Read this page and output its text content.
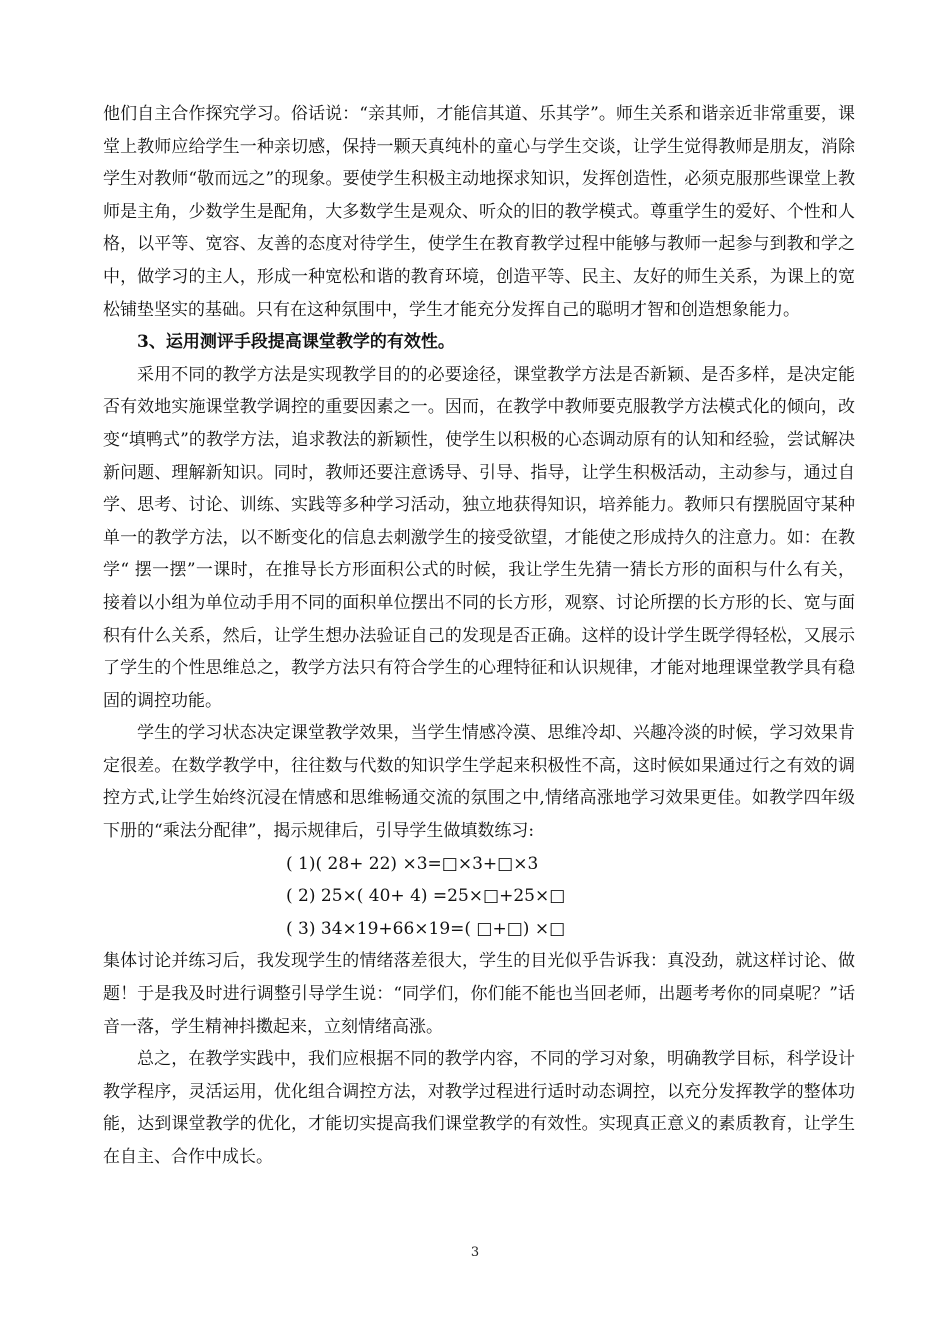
他们自主合作探究学习。俗话说：“亲其师，才能信其道、乐其学”。师生关系和谐亲近非常重要，课堂上教师应给学生一种亲切感，保持一颗天真纯朴的童心与学生交谈，让学生觉得教师是朋友，消除学生对教师“敬而远之”的现象。要使学生积极主动地探求知识，发挥创造性，必须克服那些课堂上教师是主角，少数学生是配角，大多数学生是观众、听众的旧的教学模式。尊重学生的爱好、个性和人格，以平等、宽容、友善的态度对待学生，使学生在教育教学过程中能够与教师一起参与到教和学之中，做学习的主人，形成一种宽松和谐的教育环境，创造平等、民主、友好的师生关系，为课上的宽松铺垫坚实的基础。只有在这种氛围中，学生才能充分发挥自己的聪明才智和创造想象能力。

3、运用测评手段提高课堂教学的有效性。

采用不同的教学方法是实现教学目的的必要途径，课堂教学方法是否新颖、是否多样，是决定能否有效地实施课堂教学调控的重要因素之一。因而，在教学中教师要克服教学方法模式化的倾向，改变“填鸭式”的教学方法，追求教法的新颖性，使学生以积极的心态调动原有的认知和经验，尝试解决新问题、理解新知识。同时，教师还要注意诱导、引导、指导，让学生积极活动，主动参与，通过自学、思考、讨论、训练、实践等多种学习活动，独立地获得知识，培养能力。教师只有摆脱固守某种单一的教学方法，以不断变化的信息去刺激学生的接受欲望，才能使之形成持久的注意力。如：在教学“ 摆一摆”一课时，在推导长方形面积公式的时候，我让学生先猜一猜长方形的面积与什么有关，接着以小组为单位动手用不同的面积单位摆出不同的长方形，观察、讨论所摆的长方形的长、宽与面积有什么关系，然后，让学生想办法验证自己的发现是否正确。这样的设计学生既学得轻松，又展示了学生的个性思维总之，教学方法只有符合学生的心理特征和认识规律，才能对地理课堂教学具有稳固的调控功能。

学生的学习状态决定课堂教学效果，当学生情感冷漠、思维冷却、兴趣冷淡的时候，学习效果肯定很差。在数学教学中，往往数与代数的知识学生学起来积极性不高，这时候如果通过行之有效的调控方式,让学生始终沉浸在情感和思维畅通交流的氛围之中,情绪高涨地学习效果更佳。如教学四年级下册的“乘法分配律”，揭示规律后，引导学生做填数练习:

( 1)( 28+ 22) ×3=□×3+□×3

( 2) 25×( 40+ 4) =25×□+25×□

( 3) 34×19+66×19=( □+□) ×□

集体讨论并练习后，我发现学生的情绪落差很大，学生的目光似乎告诉我：真没劲，就这样讨论、做题！于是我及时进行调整引导学生说：“同学们，你们能不能也当回老师，出题考考你的同桌呢？”话音一落，学生精神抖擞起来，立刻情绪高涨。

总之，在教学实践中，我们应根据不同的教学内容，不同的学习对象，明确教学目标，科学设计教学程序，灵活运用，优化组合调控方法，对教学过程进行适时动态调控，以充分发挥教学的整体功能，达到课堂教学的优化，才能切实提高我们课堂教学的有效性。实现真正意义的素质教育，让学生在自主、合作中成长。

3
